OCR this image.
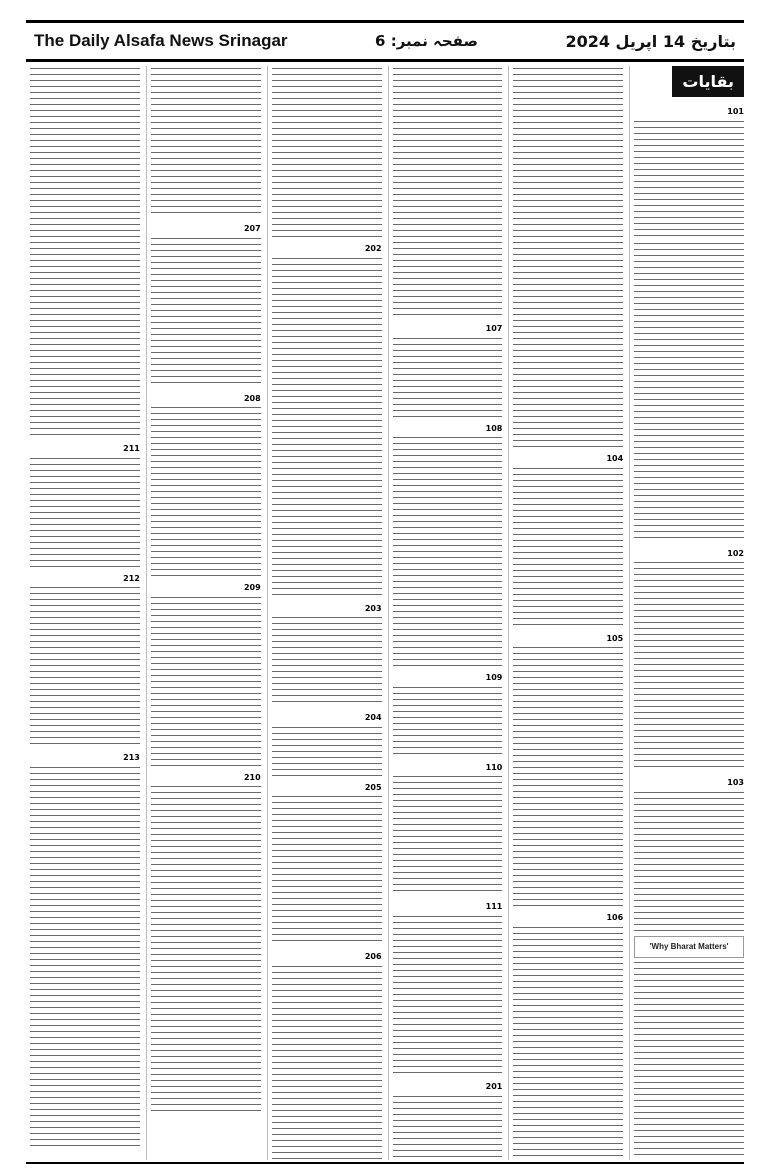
The Daily Alsafa News Srinagar	صفحہ نمبر: 6	بتاریخ 14 اپریل 2024
بقایات
101
102
103
'Why Bharat Matters'
104
105
106
107
108
109
110
111
201
202
203
204
205
206
207
208
209
210
211
212
213
